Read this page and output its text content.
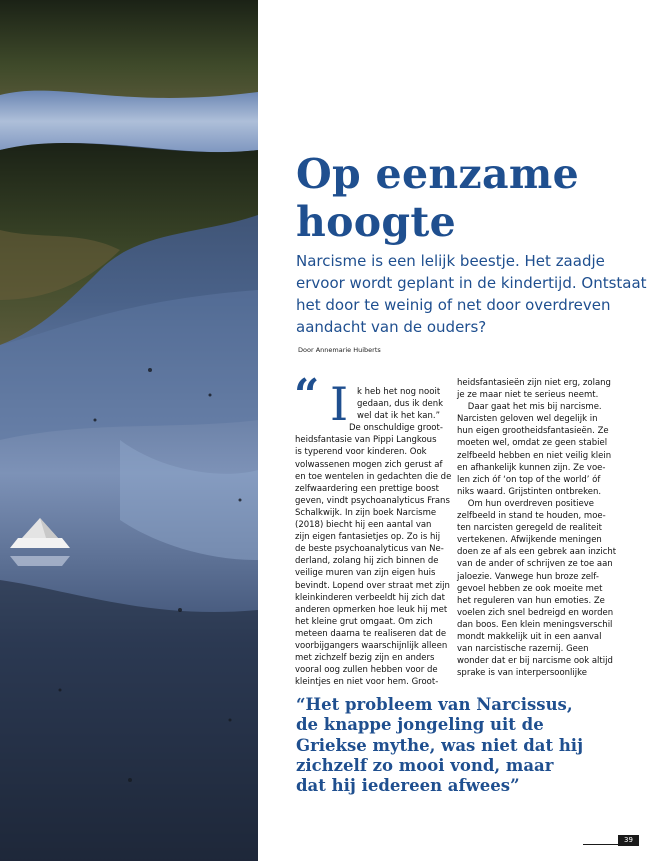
Op eenzame
hoogte

Narcisme is een lelijk beestje. Het zaadje
ervoor wordt geplant in de kindertijd. Ontstaat
het door te weinig of net door overdreven
aandacht van de ouders?

Door Annemarie Huiberts
“ I	k heb het nog nooit
gedaan, dus ik denk
wel dat ik het kan.”
De onschuldige groot-
heidsfantasie van Pippi Langkous
is typerend voor kinderen. Ook
volwassenen mogen zich gerust af
en toe wentelen in gedachten die de
zelfwaardering een prettige boost
geven, vindt psychoanalyticus Frans
Schalkwijk. In zijn boek Narcisme
(2018) biecht hij een aantal van
zijn eigen fantasietjes op. Zo is hij
de beste psychoanalyticus van Ne-
derland, zolang hij zich binnen de
veilige muren van zijn eigen huis
bevindt. Lopend over straat met zijn
kleinkinderen verbeeldt hij zich dat
anderen opmerken hoe leuk hij met
het kleine grut omgaat. Om zich
meteen daarna te realiseren dat de
voorbijgangers waarschijnlijk alleen
met zichzelf bezig zijn en anders
vooral oog zullen hebben voor de
kleintjes en niet voor hem. Groot-
heidsfantasieën zijn niet erg, zolang
je ze maar niet te serieus neemt.
Daar gaat het mis bij narcisme.
Narcisten geloven wel degelijk in
hun eigen grootheidsfantasieën. Ze
moeten wel, omdat ze geen stabiel
zelfbeeld hebben en niet veilig klein
en afhankelijk kunnen zijn. Ze voe-
len zich óf ‘on top of the world’ óf
niks waard. Grijstinten ontbreken.
Om hun overdreven positieve
zelfbeeld in stand te houden, moe-
ten narcisten geregeld de realiteit
vertekenen. Afwijkende meningen
doen ze af als een gebrek aan inzicht
van de ander of schrijven ze toe aan
jaloezie. Vanwege hun broze zelf-
gevoel hebben ze ook moeite met
het reguleren van hun emoties. Ze
voelen zich snel bedreigd en worden
dan boos. Een klein meningsverschil
mondt makkelijk uit in een aanval
van narcistische razernij. Geen
wonder dat er bij narcisme ook altijd
sprake is van interpersoonlijke

“Het probleem van Narcissus,
de knappe jongeling uit de
Griekse mythe, was niet dat hij
zichzelf zo mooi vond, maar
dat hij iedereen afwees”

39
